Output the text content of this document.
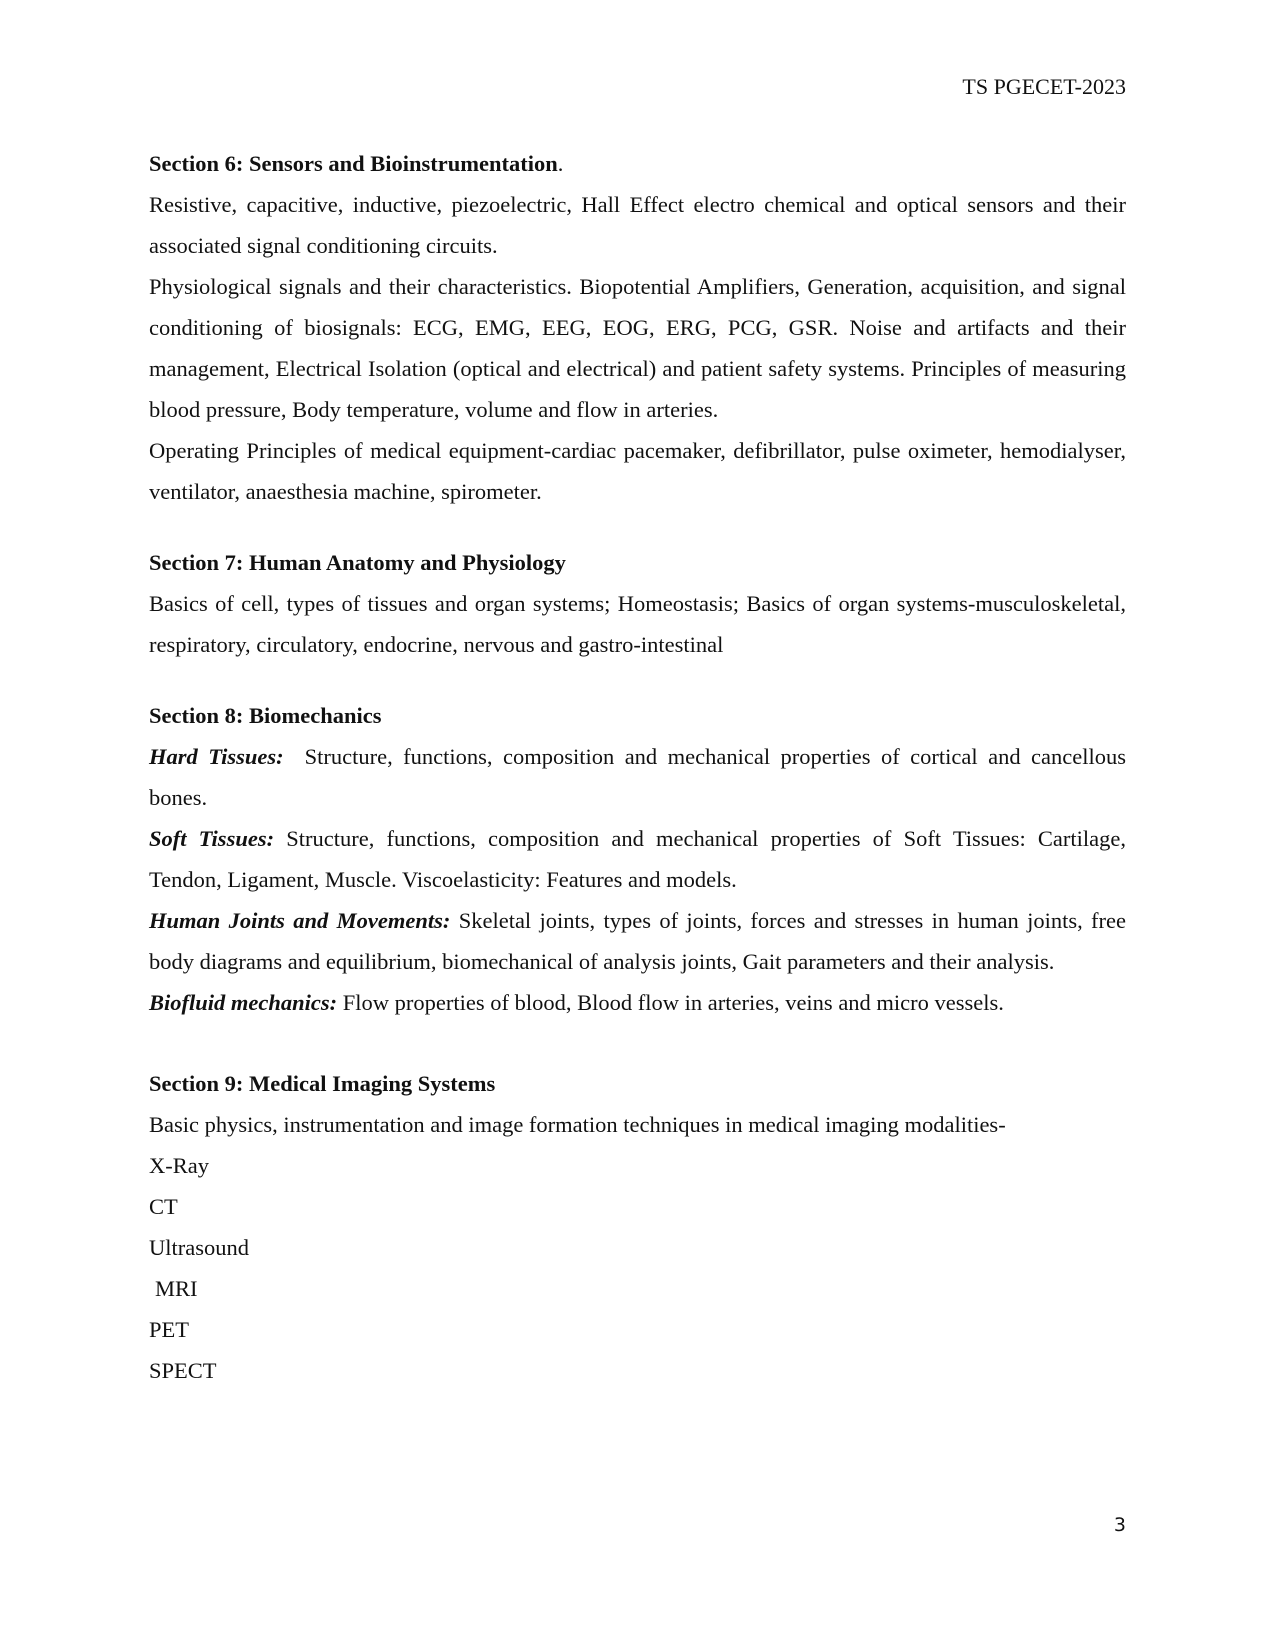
TS PGECET-2023

Section 6: Sensors and Bioinstrumentation.

Resistive, capacitive, inductive, piezoelectric, Hall Effect electro chemical and optical sensors and their associated signal conditioning circuits.

Physiological signals and their characteristics. Biopotential Amplifiers, Generation, acquisition, and signal conditioning of biosignals: ECG, EMG, EEG, EOG, ERG, PCG, GSR. Noise and artifacts and their management, Electrical Isolation (optical and electrical) and patient safety systems. Principles of measuring blood pressure, Body temperature, volume and flow in arteries.

Operating Principles of medical equipment-cardiac pacemaker, defibrillator, pulse oximeter, hemodialyser, ventilator, anaesthesia machine, spirometer.

Section 7: Human Anatomy and Physiology

Basics of cell, types of tissues and organ systems; Homeostasis; Basics of organ systems-musculoskeletal, respiratory, circulatory, endocrine, nervous and gastro-intestinal

Section 8: Biomechanics

Hard Tissues: Structure, functions, composition and mechanical properties of cortical and cancellous bones.

Soft Tissues: Structure, functions, composition and mechanical properties of Soft Tissues: Cartilage, Tendon, Ligament, Muscle. Viscoelasticity: Features and models.

Human Joints and Movements: Skeletal joints, types of joints, forces and stresses in human joints, free body diagrams and equilibrium, biomechanical of analysis joints, Gait parameters and their analysis.

Biofluid mechanics: Flow properties of blood, Blood flow in arteries, veins and micro vessels.

Section 9: Medical Imaging Systems

Basic physics, instrumentation and image formation techniques in medical imaging modalities-

X-Ray

CT

Ultrasound

MRI

PET

SPECT

3
